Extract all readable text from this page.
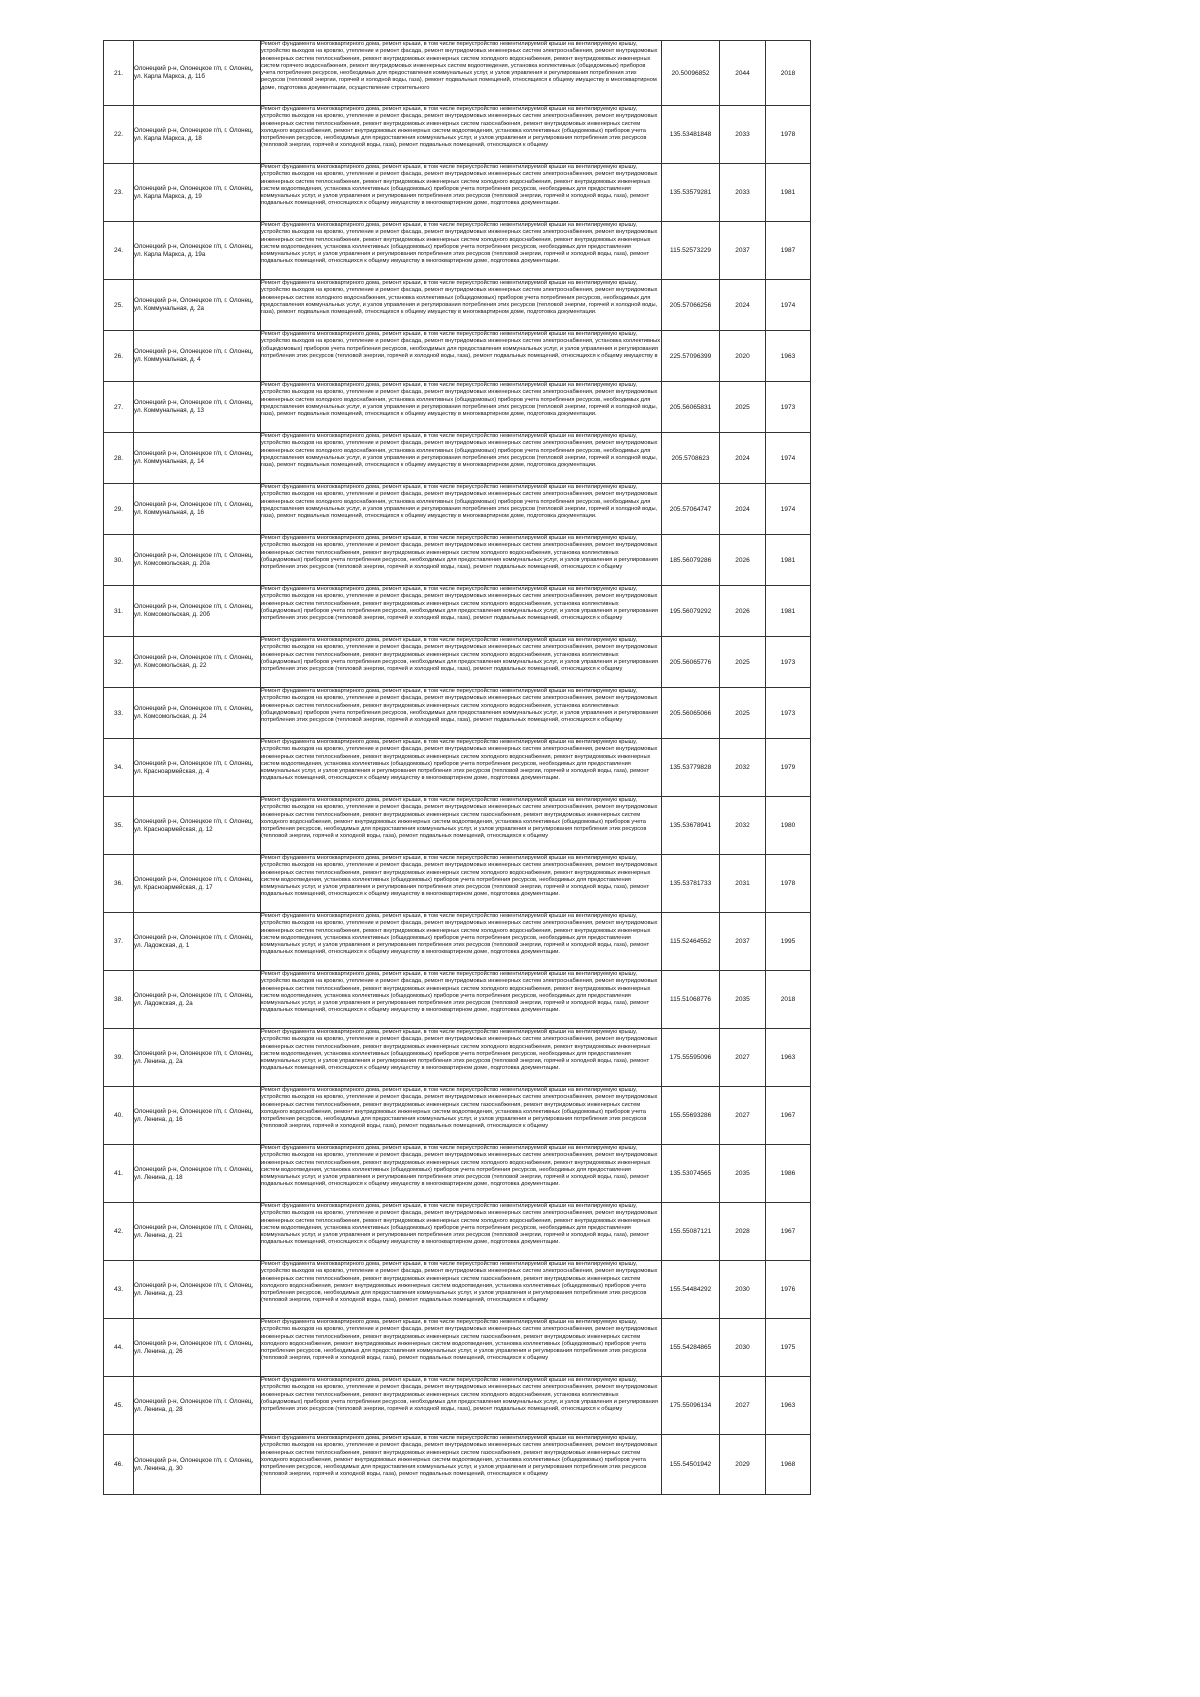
21.	Олонецкий р-н, Олонецкое г/п, г. Олонец, ул. Карла Маркса, д. 11б	Ремонт фундамента многоквартирного дома, ремонт крыши, в том числе переустройство невентилируемой крыши на вентилируемую крышу, устройство выходов на кровлю, утепление и ремонт фасада, ремонт внутридомовых инженерных систем электроснабжения, ремонт внутридомовых инженерных систем теплоснабжения, ремонт внутридомовых инженерных систем холодного водоснабжения, ремонт внутридомовых инженерных систем горячего водоснабжения, ремонт внутридомовых инженерных систем водоотведения, установка коллективных (общедомовых) приборов учета потребления ресурсов, необходимых для предоставления коммунальных услуг, и узлов управления и регулирования потребления этих ресурсов (тепловой энергии, горячей и холодной воды, газа), ремонт подвальных помещений, относящихся к общему имуществу в многоквартирном доме, подготовка документации, осуществление строительного	20.50096852	2044	2018
22.	Олонецкий р-н, Олонецкое г/п, г. Олонец, ул. Карла Маркса, д. 18	Ремонт фундамента многоквартирного дома, ремонт крыши, в том числе переустройство невентилируемой крыши на вентилируемую крышу, устройство выходов на кровлю, утепление и ремонт фасада, ремонт внутридомовых инженерных систем электроснабжения, ремонт внутридомовых инженерных систем теплоснабжения, ремонт внутридомовых инженерных систем газоснабжения, ремонт внутридомовых инженерных систем холодного водоснабжения, ремонт внутридомовых инженерных систем водоотведения, установка коллективных (общедомовых) приборов учета потребления ресурсов, необходимых для предоставления коммунальных услуг, и узлов управления и регулирования потребления этих ресурсов (тепловой энергии, горячей и холодной воды, газа), ремонт подвальных помещений, относящихся к общему	135.53481848	2033	1978
23.	Олонецкий р-н, Олонецкое г/п, г. Олонец, ул. Карла Маркса, д. 19	Ремонт фундамента многоквартирного дома, ремонт крыши, в том числе переустройство невентилируемой крыши на вентилируемую крышу, устройство выходов на кровлю, утепление и ремонт фасада, ремонт внутридомовых инженерных систем электроснабжения, ремонт внутридомовых инженерных систем теплоснабжения, ремонт внутридомовых инженерных систем холодного водоснабжения, ремонт внутридомовых инженерных систем водоотведения, установка коллективных (общедомовых) приборов учета потребления ресурсов, необходимых для предоставления коммунальных услуг, и узлов управления и регулирования потребления этих ресурсов (тепловой энергии, горячей и холодной воды, газа), ремонт подвальных помещений, относящихся к общему имуществу в многоквартирном доме, подготовка документации.	135.53579281	2033	1981
24.	Олонецкий р-н, Олонецкое г/п, г. Олонец, ул. Карла Маркса, д. 19а	Ремонт фундамента многоквартирного дома, ремонт крыши, в том числе переустройство невентилируемой крыши на вентилируемую крышу, устройство выходов на кровлю, утепление и ремонт фасада, ремонт внутридомовых инженерных систем электроснабжения, ремонт внутридомовых инженерных систем теплоснабжения, ремонт внутридомовых инженерных систем холодного водоснабжения, ремонт внутридомовых инженерных систем водоотведения, установка коллективных (общедомовых) приборов учета потребления ресурсов, необходимых для предоставления коммунальных услуг, и узлов управления и регулирования потребления этих ресурсов (тепловой энергии, горячей и холодной воды, газа), ремонт подвальных помещений, относящихся к общему имуществу в многоквартирном доме, подготовка документации.	115.52573229	2037	1987
25.	Олонецкий р-н, Олонецкое г/п, г. Олонец, ул. Коммунальная, д. 2а	Ремонт фундамента многоквартирного дома, ремонт крыши, в том числе переустройство невентилируемой крыши на вентилируемую крышу, устройство выходов на кровлю, утепление и ремонт фасада, ремонт внутридомовых инженерных систем электроснабжения, ремонт внутридомовых инженерных систем холодного водоснабжения, установка коллективных (общедомовых) приборов учета потребления ресурсов, необходимых для предоставления коммунальных услуг, и узлов управления и регулирования потребления этих ресурсов (тепловой энергии, горячей и холодной воды, газа), ремонт подвальных помещений, относящихся к общему имуществу в многоквартирном доме, подготовка документации.	205.57066256	2024	1974
26.	Олонецкий р-н, Олонецкое г/п, г. Олонец, ул. Коммунальная, д. 4	Ремонт фундамента многоквартирного дома, ремонт крыши, в том числе переустройство невентилируемой крыши на вентилируемую крышу, устройство выходов на кровлю, утепление и ремонт фасада, ремонт внутридомовых инженерных систем электроснабжения, установка коллективных (общедомовых) приборов учета потребления ресурсов, необходимых для предоставления коммунальных услуг, и узлов управления и регулирования потребления этих ресурсов (тепловой энергии, горячей и холодной воды, газа), ремонт подвальных помещений, относящихся к общему имуществу в	225.57096399	2020	1963
27.	Олонецкий р-н, Олонецкое г/п, г. Олонец, ул. Коммунальная, д. 13	Ремонт фундамента многоквартирного дома, ремонт крыши, в том числе переустройство невентилируемой крыши на вентилируемую крышу, устройство выходов на кровлю, утепление и ремонт фасада, ремонт внутридомовых инженерных систем электроснабжения, ремонт внутридомовых инженерных систем холодного водоснабжения, установка коллективных (общедомовых) приборов учета потребления ресурсов, необходимых для предоставления коммунальных услуг, и узлов управления и регулирования потребления этих ресурсов (тепловой энергии, горячей и холодной воды, газа), ремонт подвальных помещений, относящихся к общему имуществу в многоквартирном доме, подготовка документации.	205.56065831	2025	1973
28.	Олонецкий р-н, Олонецкое г/п, г. Олонец, ул. Коммунальная, д. 14	Ремонт фундамента многоквартирного дома, ремонт крыши, в том числе переустройство невентилируемой крыши на вентилируемую крышу, устройство выходов на кровлю, утепление и ремонт фасада, ремонт внутридомовых инженерных систем электроснабжения, ремонт внутридомовых инженерных систем холодного водоснабжения, установка коллективных (общедомовых) приборов учета потребления ресурсов, необходимых для предоставления коммунальных услуг, и узлов управления и регулирования потребления этих ресурсов (тепловой энергии, горячей и холодной воды, газа), ремонт подвальных помещений, относящихся к общему имуществу в многоквартирном доме, подготовка документации.	205.5708623	2024	1974
29.	Олонецкий р-н, Олонецкое г/п, г. Олонец, ул. Коммунальная, д. 16	Ремонт фундамента многоквартирного дома, ремонт крыши, в том числе переустройство невентилируемой крыши на вентилируемую крышу, устройство выходов на кровлю, утепление и ремонт фасада, ремонт внутридомовых инженерных систем электроснабжения, ремонт внутридомовых инженерных систем холодного водоснабжения, установка коллективных (общедомовых) приборов учета потребления ресурсов, необходимых для предоставления коммунальных услуг, и узлов управления и регулирования потребления этих ресурсов (тепловой энергии, горячей и холодной воды, газа), ремонт подвальных помещений, относящихся к общему имуществу в многоквартирном доме, подготовка документации.	205.57064747	2024	1974
30.	Олонецкий р-н, Олонецкое г/п, г. Олонец, ул. Комсомольская, д. 20а	Ремонт фундамента многоквартирного дома, ремонт крыши, в том числе переустройство невентилируемой крыши на вентилируемую крышу, устройство выходов на кровлю, утепление и ремонт фасада, ремонт внутридомовых инженерных систем электроснабжения, ремонт внутридомовых инженерных систем теплоснабжения, ремонт внутридомовых инженерных систем холодного водоснабжения, установка коллективных (общедомовых) приборов учета потребления ресурсов, необходимых для предоставления коммунальных услуг, и узлов управления и регулирования потребления этих ресурсов (тепловой энергии, горячей и холодной воды, газа), ремонт подвальных помещений, относящихся к общему	185.56079286	2026	1981
31.	Олонецкий р-н, Олонецкое г/п, г. Олонец, ул. Комсомольская, д. 20б	Ремонт фундамента многоквартирного дома, ремонт крыши, в том числе переустройство невентилируемой крыши на вентилируемую крышу, устройство выходов на кровлю, утепление и ремонт фасада, ремонт внутридомовых инженерных систем электроснабжения, ремонт внутридомовых инженерных систем теплоснабжения, ремонт внутридомовых инженерных систем холодного водоснабжения, установка коллективных (общедомовых) приборов учета потребления ресурсов, необходимых для предоставления коммунальных услуг, и узлов управления и регулирования потребления этих ресурсов (тепловой энергии, горячей и холодной воды, газа), ремонт подвальных помещений, относящихся к общему	195.56079292	2026	1981
32.	Олонецкий р-н, Олонецкое г/п, г. Олонец, ул. Комсомольская, д. 22	Ремонт фундамента многоквартирного дома, ремонт крыши, в том числе переустройство невентилируемой крыши на вентилируемую крышу, устройство выходов на кровлю, утепление и ремонт фасада, ремонт внутридомовых инженерных систем электроснабжения, ремонт внутридомовых инженерных систем теплоснабжения, ремонт внутридомовых инженерных систем холодного водоснабжения, установка коллективных (общедомовых) приборов учета потребления ресурсов, необходимых для предоставления коммунальных услуг, и узлов управления и регулирования потребления этих ресурсов (тепловой энергии, горячей и холодной воды, газа), ремонт подвальных помещений, относящихся к общему	205.56065776	2025	1973
33.	Олонецкий р-н, Олонецкое г/п, г. Олонец, ул. Комсомольская, д. 24	Ремонт фундамента многоквартирного дома, ремонт крыши, в том числе переустройство невентилируемой крыши на вентилируемую крышу, устройство выходов на кровлю, утепление и ремонт фасада, ремонт внутридомовых инженерных систем электроснабжения, ремонт внутридомовых инженерных систем теплоснабжения, ремонт внутридомовых инженерных систем холодного водоснабжения, установка коллективных (общедомовых) приборов учета потребления ресурсов, необходимых для предоставления коммунальных услуг, и узлов управления и регулирования потребления этих ресурсов (тепловой энергии, горячей и холодной воды, газа), ремонт подвальных помещений, относящихся к общему	205.56065066	2025	1973
34.	Олонецкий р-н, Олонецкое г/п, г. Олонец, ул. Красноармейская, д. 4	Ремонт фундамента многоквартирного дома, ремонт крыши, в том числе переустройство невентилируемой крыши на вентилируемую крышу, устройство выходов на кровлю, утепление и ремонт фасада, ремонт внутридомовых инженерных систем электроснабжения, ремонт внутридомовых инженерных систем теплоснабжения, ремонт внутридомовых инженерных систем холодного водоснабжения, ремонт внутридомовых инженерных систем водоотведения, установка коллективных (общедомовых) приборов учета потребления ресурсов, необходимых для предоставления коммунальных услуг, и узлов управления и регулирования потребления этих ресурсов (тепловой энергии, горячей и холодной воды, газа), ремонт подвальных помещений, относящихся к общему имуществу в многоквартирном доме, подготовка документации.	135.53779828	2032	1979
35.	Олонецкий р-н, Олонецкое г/п, г. Олонец, ул. Красноармейская, д. 12	Ремонт фундамента многоквартирного дома, ремонт крыши, в том числе переустройство невентилируемой крыши на вентилируемую крышу, устройство выходов на кровлю, утепление и ремонт фасада, ремонт внутридомовых инженерных систем электроснабжения, ремонт внутридомовых инженерных систем теплоснабжения, ремонт внутридомовых инженерных систем газоснабжения, ремонт внутридомовых инженерных систем холодного водоснабжения, ремонт внутридомовых инженерных систем водоотведения, установка коллективных (общедомовых) приборов учета потребления ресурсов, необходимых для предоставления коммунальных услуг, и узлов управления и регулирования потребления этих ресурсов (тепловой энергии, горячей и холодной воды, газа), ремонт подвальных помещений, относящихся к общему	135.53678941	2032	1980
36.	Олонецкий р-н, Олонецкое г/п, г. Олонец, ул. Красноармейская, д. 17	Ремонт фундамента многоквартирного дома, ремонт крыши, в том числе переустройство невентилируемой крыши на вентилируемую крышу, устройство выходов на кровлю, утепление и ремонт фасада, ремонт внутридомовых инженерных систем электроснабжения, ремонт внутридомовых инженерных систем теплоснабжения, ремонт внутридомовых инженерных систем холодного водоснабжения, ремонт внутридомовых инженерных систем водоотведения, установка коллективных (общедомовых) приборов учета потребления ресурсов, необходимых для предоставления коммунальных услуг, и узлов управления и регулирования потребления этих ресурсов (тепловой энергии, горячей и холодной воды, газа), ремонт подвальных помещений, относящихся к общему имуществу в многоквартирном доме, подготовка документации.	135.53781733	2031	1978
37.	Олонецкий р-н, Олонецкое г/п, г. Олонец, ул. Ладожская, д. 1	Ремонт фундамента многоквартирного дома, ремонт крыши, в том числе переустройство невентилируемой крыши на вентилируемую крышу, устройство выходов на кровлю, утепление и ремонт фасада, ремонт внутридомовых инженерных систем электроснабжения, ремонт внутридомовых инженерных систем теплоснабжения, ремонт внутридомовых инженерных систем холодного водоснабжения, ремонт внутридомовых инженерных систем водоотведения, установка коллективных (общедомовых) приборов учета потребления ресурсов, необходимых для предоставления коммунальных услуг, и узлов управления и регулирования потребления этих ресурсов (тепловой энергии, горячей и холодной воды, газа), ремонт подвальных помещений, относящихся к общему имуществу в многоквартирном доме, подготовка документации.	115.52464552	2037	1995
38.	Олонецкий р-н, Олонецкое г/п, г. Олонец, ул. Ладожская, д. 2а	Ремонт фундамента многоквартирного дома, ремонт крыши, в том числе переустройство невентилируемой крыши на вентилируемую крышу, устройство выходов на кровлю, утепление и ремонт фасада, ремонт внутридомовых инженерных систем электроснабжения, ремонт внутридомовых инженерных систем теплоснабжения, ремонт внутридомовых инженерных систем холодного водоснабжения, ремонт внутридомовых инженерных систем водоотведения, установка коллективных (общедомовых) приборов учета потребления ресурсов, необходимых для предоставления коммунальных услуг, и узлов управления и регулирования потребления этих ресурсов (тепловой энергии, горячей и холодной воды, газа), ремонт подвальных помещений, относящихся к общему имуществу в многоквартирном доме, подготовка документации.	115.51068776	2035	2018
39.	Олонецкий р-н, Олонецкое г/п, г. Олонец, ул. Ленина, д. 2а	Ремонт фундамента многоквартирного дома, ремонт крыши, в том числе переустройство невентилируемой крыши на вентилируемую крышу, устройство выходов на кровлю, утепление и ремонт фасада, ремонт внутридомовых инженерных систем электроснабжения, ремонт внутридомовых инженерных систем теплоснабжения, ремонт внутридомовых инженерных систем холодного водоснабжения, ремонт внутридомовых инженерных систем водоотведения, установка коллективных (общедомовых) приборов учета потребления ресурсов, необходимых для предоставления коммунальных услуг, и узлов управления и регулирования потребления этих ресурсов (тепловой энергии, горячей и холодной воды, газа), ремонт подвальных помещений, относящихся к общему имуществу в многоквартирном доме, подготовка документации.	175.55595096	2027	1963
40.	Олонецкий р-н, Олонецкое г/п, г. Олонец, ул. Ленина, д. 16	Ремонт фундамента многоквартирного дома, ремонт крыши, в том числе переустройство невентилируемой крыши на вентилируемую крышу, устройство выходов на кровлю, утепление и ремонт фасада, ремонт внутридомовых инженерных систем электроснабжения, ремонт внутридомовых инженерных систем теплоснабжения, ремонт внутридомовых инженерных систем газоснабжения, ремонт внутридомовых инженерных систем холодного водоснабжения, ремонт внутридомовых инженерных систем водоотведения, установка коллективных (общедомовых) приборов учета потребления ресурсов, необходимых для предоставления коммунальных услуг, и узлов управления и регулирования потребления этих ресурсов (тепловой энергии, горячей и холодной воды, газа), ремонт подвальных помещений, относящихся к общему	155.55693286	2027	1967
41.	Олонецкий р-н, Олонецкое г/п, г. Олонец, ул. Ленина, д. 18	Ремонт фундамента многоквартирного дома, ремонт крыши, в том числе переустройство невентилируемой крыши на вентилируемую крышу, устройство выходов на кровлю, утепление и ремонт фасада, ремонт внутридомовых инженерных систем электроснабжения, ремонт внутридомовых инженерных систем теплоснабжения, ремонт внутридомовых инженерных систем холодного водоснабжения, ремонт внутридомовых инженерных систем водоотведения, установка коллективных (общедомовых) приборов учета потребления ресурсов, необходимых для предоставления коммунальных услуг, и узлов управления и регулирования потребления этих ресурсов (тепловой энергии, горячей и холодной воды, газа), ремонт подвальных помещений, относящихся к общему имуществу в многоквартирном доме, подготовка документации.	135.53074565	2035	1986
42.	Олонецкий р-н, Олонецкое г/п, г. Олонец, ул. Ленина, д. 21	Ремонт фундамента многоквартирного дома, ремонт крыши, в том числе переустройство невентилируемой крыши на вентилируемую крышу, устройство выходов на кровлю, утепление и ремонт фасада, ремонт внутридомовых инженерных систем электроснабжения, ремонт внутридомовых инженерных систем теплоснабжения, ремонт внутридомовых инженерных систем холодного водоснабжения, ремонт внутридомовых инженерных систем водоотведения, установка коллективных (общедомовых) приборов учета потребления ресурсов, необходимых для предоставления коммунальных услуг, и узлов управления и регулирования потребления этих ресурсов (тепловой энергии, горячей и холодной воды, газа), ремонт подвальных помещений, относящихся к общему имуществу в многоквартирном доме, подготовка документации.	155.55087121	2028	1967
43.	Олонецкий р-н, Олонецкое г/п, г. Олонец, ул. Ленина, д. 23	Ремонт фундамента многоквартирного дома, ремонт крыши, в том числе переустройство невентилируемой крыши на вентилируемую крышу, устройство выходов на кровлю, утепление и ремонт фасада, ремонт внутридомовых инженерных систем электроснабжения, ремонт внутридомовых инженерных систем теплоснабжения, ремонт внутридомовых инженерных систем газоснабжения, ремонт внутридомовых инженерных систем холодного водоснабжения, ремонт внутридомовых инженерных систем водоотведения, установка коллективных (общедомовых) приборов учета потребления ресурсов, необходимых для предоставления коммунальных услуг, и узлов управления и регулирования потребления этих ресурсов (тепловой энергии, горячей и холодной воды, газа), ремонт подвальных помещений, относящихся к общему	155.54484292	2030	1976
44.	Олонецкий р-н, Олонецкое г/п, г. Олонец, ул. Ленина, д. 26	Ремонт фундамента многоквартирного дома, ремонт крыши, в том числе переустройство невентилируемой крыши на вентилируемую крышу, устройство выходов на кровлю, утепление и ремонт фасада, ремонт внутридомовых инженерных систем электроснабжения, ремонт внутридомовых инженерных систем теплоснабжения, ремонт внутридомовых инженерных систем газоснабжения, ремонт внутридомовых инженерных систем холодного водоснабжения, ремонт внутридомовых инженерных систем водоотведения, установка коллективных (общедомовых) приборов учета потребления ресурсов, необходимых для предоставления коммунальных услуг, и узлов управления и регулирования потребления этих ресурсов (тепловой энергии, горячей и холодной воды, газа), ремонт подвальных помещений, относящихся к общему	155.54284865	2030	1975
45.	Олонецкий р-н, Олонецкое г/п, г. Олонец, ул. Ленина, д. 28	Ремонт фундамента многоквартирного дома, ремонт крыши, в том числе переустройство невентилируемой крыши на вентилируемую крышу, устройство выходов на кровлю, утепление и ремонт фасада, ремонт внутридомовых инженерных систем электроснабжения, ремонт внутридомовых инженерных систем теплоснабжения, ремонт внутридомовых инженерных систем холодного водоснабжения, установка коллективных (общедомовых) приборов учета потребления ресурсов, необходимых для предоставления коммунальных услуг, и узлов управления и регулирования потребления этих ресурсов (тепловой энергии, горячей и холодной воды, газа), ремонт подвальных помещений, относящихся к общему	175.55096134	2027	1963
46.	Олонецкий р-н, Олонецкое г/п, г. Олонец, ул. Ленина, д. 30	Ремонт фундамента многоквартирного дома, ремонт крыши, в том числе переустройство невентилируемой крыши на вентилируемую крышу, устройство выходов на кровлю, утепление и ремонт фасада, ремонт внутридомовых инженерных систем электроснабжения, ремонт внутридомовых инженерных систем теплоснабжения, ремонт внутридомовых инженерных систем газоснабжения, ремонт внутридомовых инженерных систем холодного водоснабжения, ремонт внутридомовых инженерных систем водоотведения, установка коллективных (общедомовых) приборов учета потребления ресурсов, необходимых для предоставления коммунальных услуг, и узлов управления и регулирования потребления этих ресурсов (тепловой энергии, горячей и холодной воды, газа), ремонт подвальных помещений, относящихся к общему	155.54501942	2029	1968
